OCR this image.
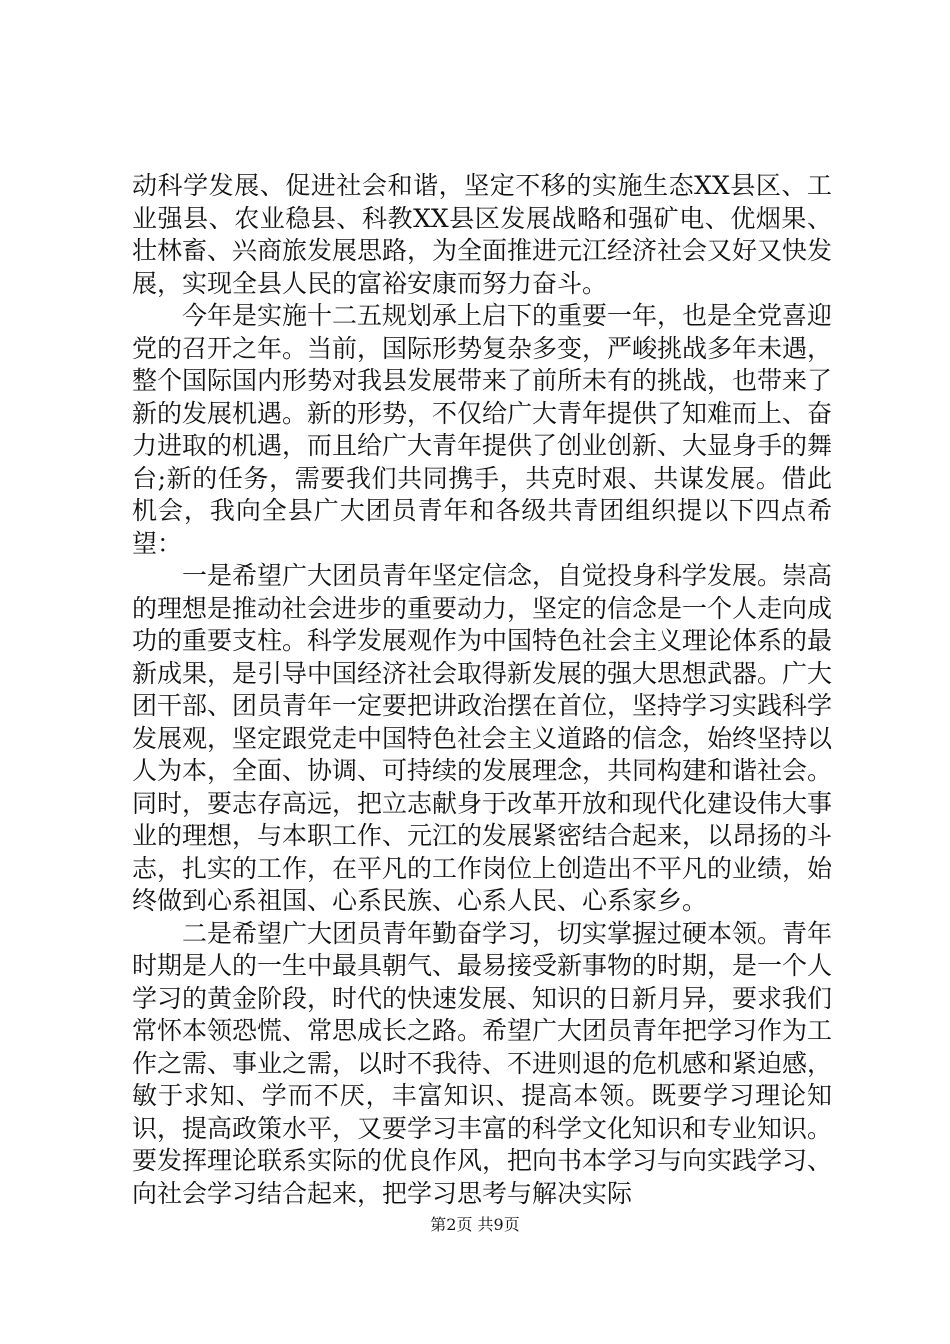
动科学发展、促进社会和谐，坚定不移的实施生态XX县区、工业强县、农业稳县、科教XX县区发展战略和强矿电、优烟果、壮林畜、兴商旅发展思路，为全面推进元江经济社会又好又快发展，实现全县人民的富裕安康而努力奋斗。

今年是实施十二五规划承上启下的重要一年，也是全党喜迎党的召开之年。当前，国际形势复杂多变，严峻挑战多年未遇，整个国际国内形势对我县发展带来了前所未有的挑战，也带来了新的发展机遇。新的形势，不仅给广大青年提供了知难而上、奋力进取的机遇，而且给广大青年提供了创业创新、大显身手的舞台;新的任务，需要我们共同携手，共克时艰、共谋发展。借此机会，我向全县广大团员青年和各级共青团组织提以下四点希望：

一是希望广大团员青年坚定信念，自觉投身科学发展。崇高的理想是推动社会进步的重要动力，坚定的信念是一个人走向成功的重要支柱。科学发展观作为中国特色社会主义理论体系的最新成果，是引导中国经济社会取得新发展的强大思想武器。广大团干部、团员青年一定要把讲政治摆在首位，坚持学习实践科学发展观，坚定跟党走中国特色社会主义道路的信念，始终坚持以人为本，全面、协调、可持续的发展理念，共同构建和谐社会。同时，要志存高远，把立志献身于改革开放和现代化建设伟大事业的理想，与本职工作、元江的发展紧密结合起来，以昂扬的斗志，扎实的工作，在平凡的工作岗位上创造出不平凡的业绩，始终做到心系祖国、心系民族、心系人民、心系家乡。

二是希望广大团员青年勤奋学习，切实掌握过硬本领。青年时期是人的一生中最具朝气、最易接受新事物的时期，是一个人学习的黄金阶段，时代的快速发展、知识的日新月异，要求我们常怀本领恐慌、常思成长之路。希望广大团员青年把学习作为工作之需、事业之需，以时不我待、不进则退的危机感和紧迫感，敏于求知、学而不厌，丰富知识、提高本领。既要学习理论知识，提高政策水平，又要学习丰富的科学文化知识和专业知识。要发挥理论联系实际的优良作风，把向书本学习与向实践学习、向社会学习结合起来，把学习思考与解决实际

第2页 共9页
